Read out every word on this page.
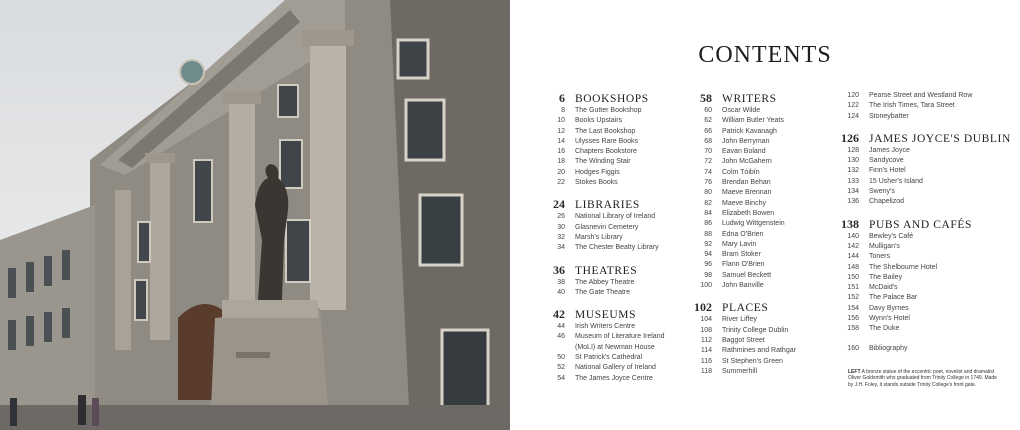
CONTENTS
6 BOOKSHOPS
8 The Gutter Bookshop
10 Books Upstairs
12 The Last Bookshop
14 Ulysses Rare Books
16 Chapters Bookstore
18 The Winding Stair
20 Hodges Figgis
22 Stokes Books
24 LIBRARIES
26 National Library of Ireland
30 Glasnevin Cemetery
32 Marsh's Library
34 The Chester Beatty Library
36 THEATRES
38 The Abbey Theatre
40 The Gate Theatre
42 MUSEUMS
44 Irish Writers Centre
46 Museum of Literature Ireland
(MoLI) at Newman House
50 St Patrick's Cathedral
52 National Gallery of Ireland
54 The James Joyce Centre
58 WRITERS
60 Oscar Wilde
62 William Butler Yeats
66 Patrick Kavanagh
68 John Berryman
70 Eavan Boland
72 John McGahern
74 Colm Tóibín
76 Brendan Behan
80 Maeve Brennan
82 Maeve Binchy
84 Elizabeth Bowen
86 Ludwig Wittgenstein
88 Edna O'Brien
92 Mary Lavin
94 Bram Stoker
96 Flann O'Brien
98 Samuel Beckett
100 John Banville
102 PLACES
104 River Liffey
108 Trinity College Dublin
112 Baggot Street
114 Rathmines and Rathgar
116 St Stephen's Green
118 Summerhill
120 Pearse Street and Westland Row
122 The Irish Times, Tara Street
124 Stoneybatter
126 JAMES JOYCE'S DUBLIN
128 James Joyce
130 Sandycove
132 Finn's Hotel
133 15 Usher's Island
134 Sweny's
136 Chapelizod
138 PUBS AND CAFÉS
140 Bewley's Café
142 Mulligan's
144 Toners
148 The Shelbourne Hotel
150 The Bailey
151 McDaid's
152 The Palace Bar
154 Davy Byrnes
156 Wynn's Hotel
158 The Duke
160 Bibliography
LEFT A bronze statue of the eccentric poet, novelist and dramatist Oliver Goldsmith who graduated from Trinity College in 1749. Made by J.H. Foley, it stands outside Trinity College's front gate.
